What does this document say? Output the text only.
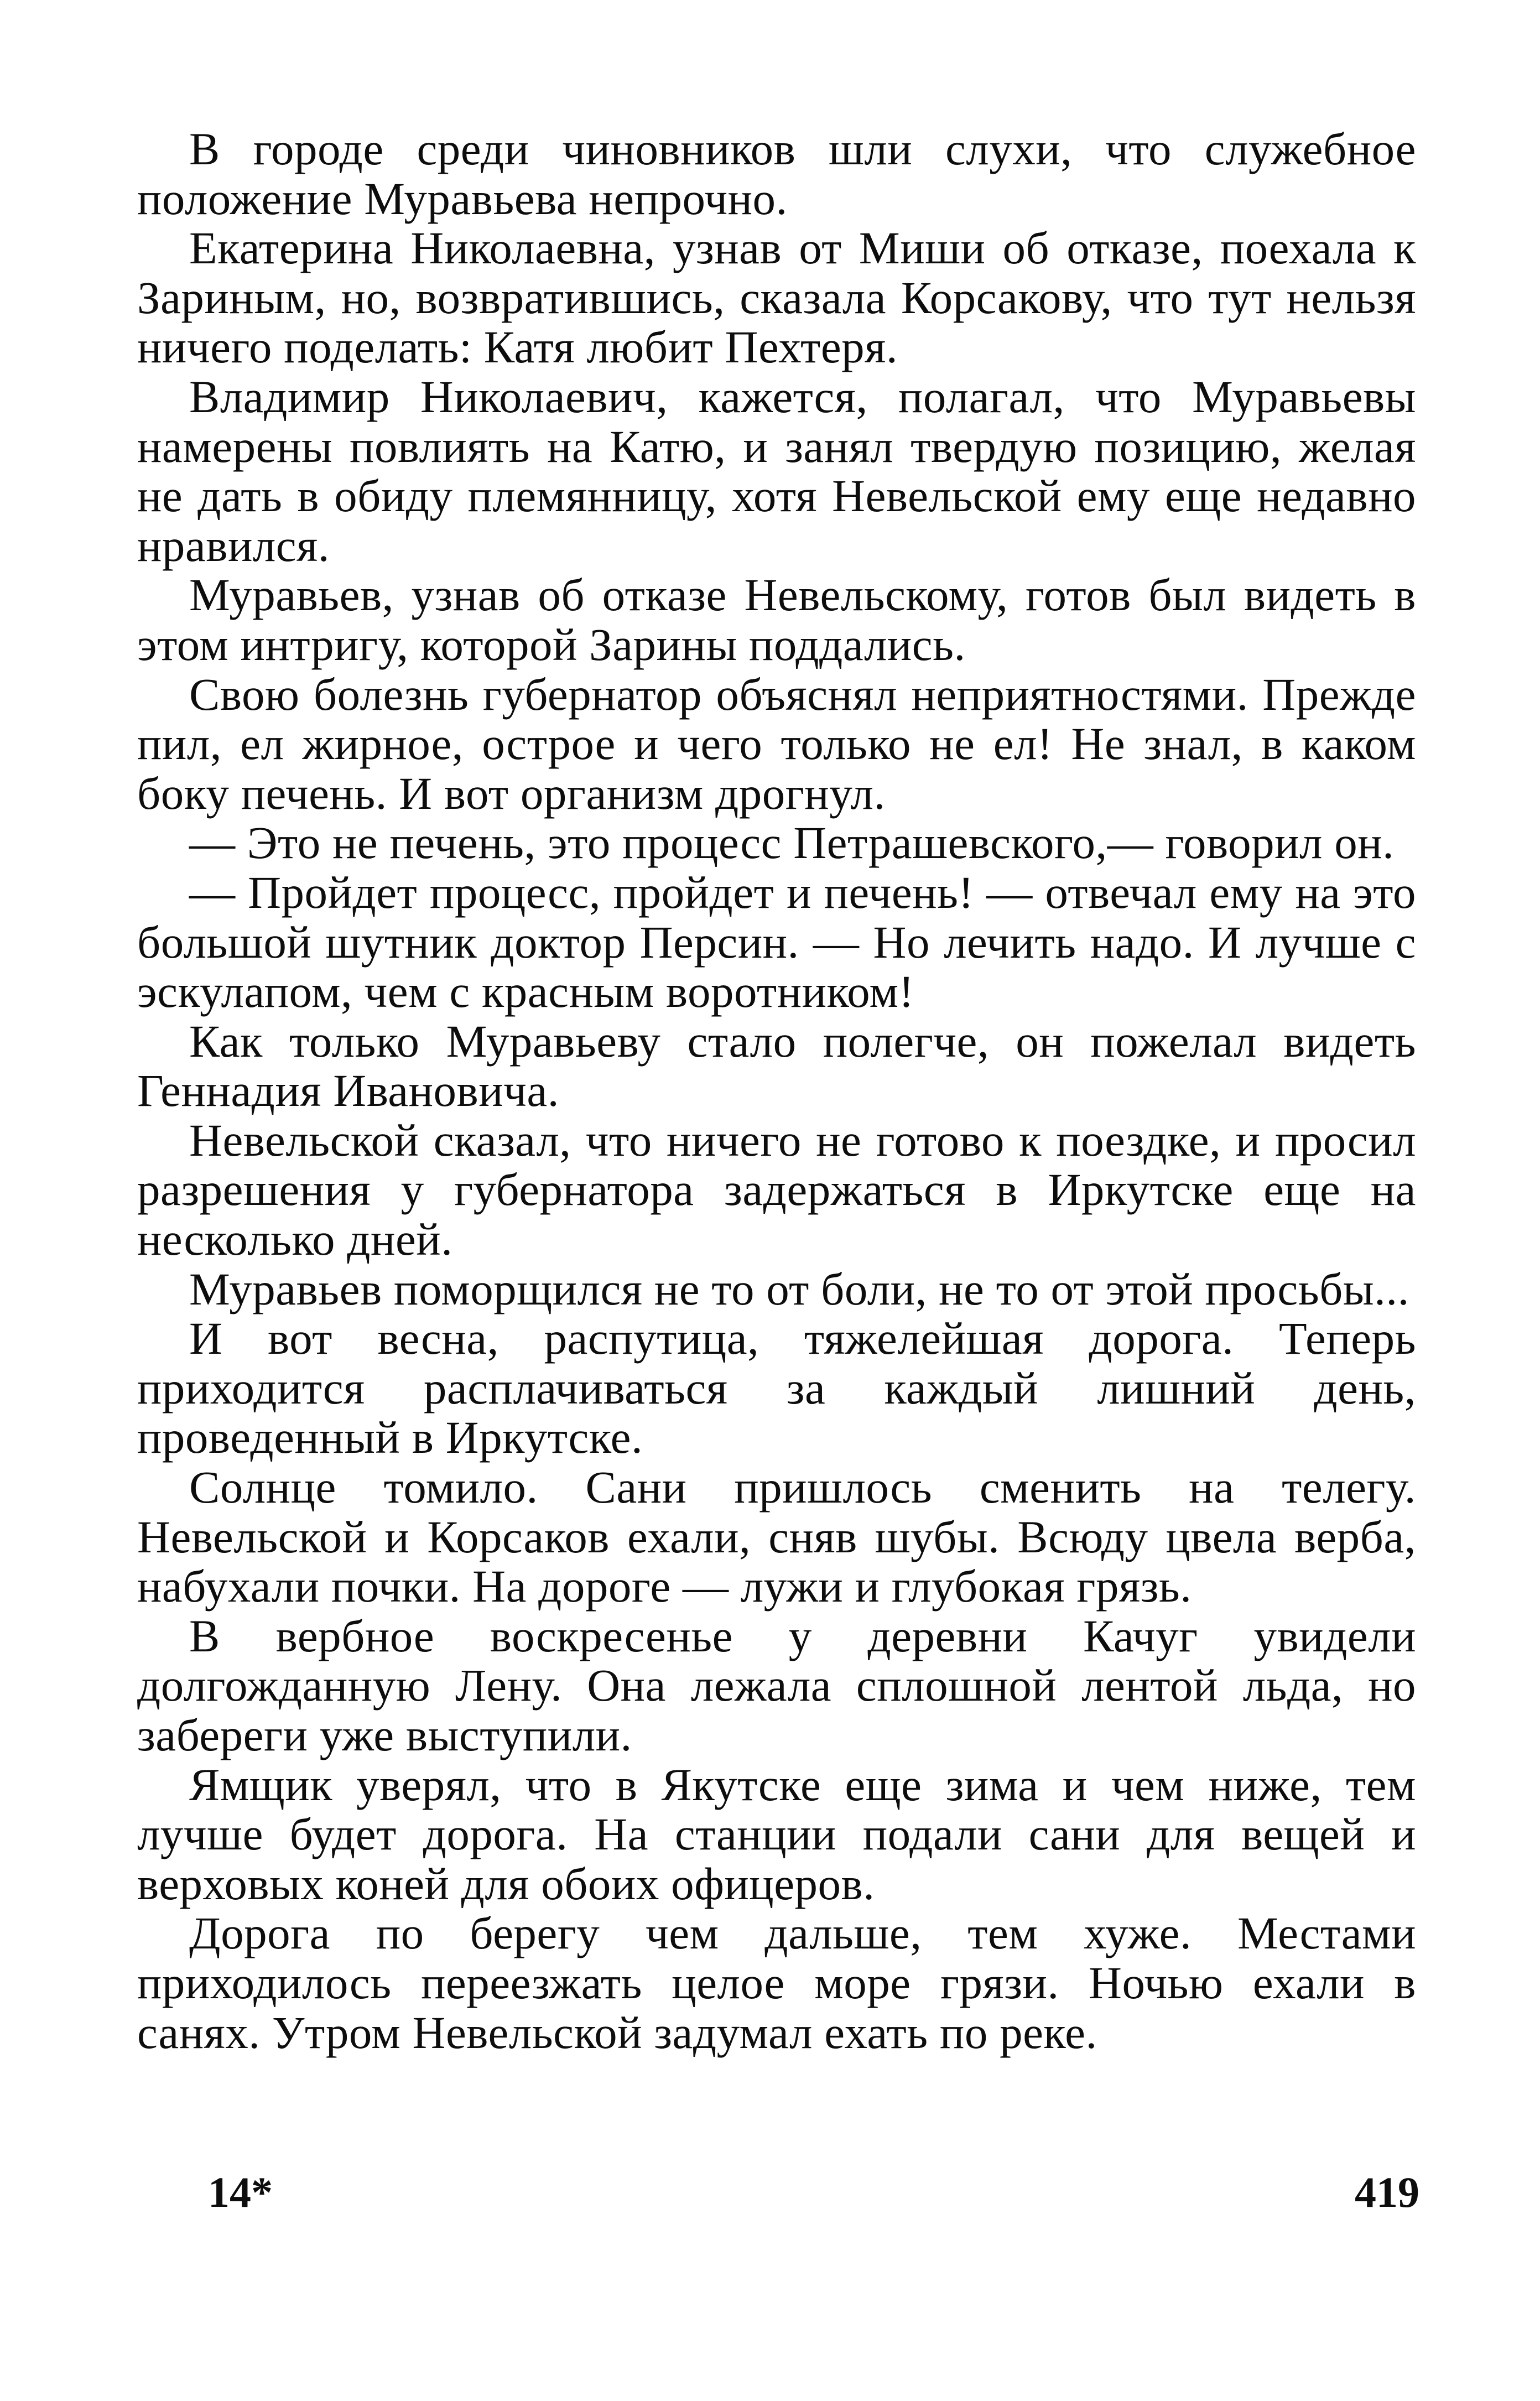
В городе среди чиновников шли слухи, что служебное положение Муравьева непрочно.

Екатерина Николаевна, узнав от Миши об отказе, поехала к Зариным, но, возвратившись, сказала Корсакову, что тут нельзя ничего поделать: Катя любит Пехтеря.

Владимир Николаевич, кажется, полагал, что Муравьевы намерены повлиять на Катю, и занял твердую позицию, желая не дать в обиду племянницу, хотя Невельской ему еще недавно нравился.

Муравьев, узнав об отказе Невельскому, готов был видеть в этом интригу, которой Зарины поддались.

Свою болезнь губернатор объяснял неприятностями. Прежде пил, ел жирное, острое и чего только не ел! Не знал, в каком боку печень. И вот организм дрогнул.

— Это не печень, это процесс Петрашевского,— говорил он.

— Пройдет процесс, пройдет и печень! — отвечал ему на это большой шутник доктор Персин. — Но лечить надо. И лучше с эскулапом, чем с красным воротником!

Как только Муравьеву стало полегче, он пожелал видеть Геннадия Ивановича.

Невельской сказал, что ничего не готово к поездке, и просил разрешения у губернатора задержаться в Иркутске еще на несколько дней.

Муравьев поморщился не то от боли, не то от этой просьбы...

И вот весна, распутица, тяжелейшая дорога. Теперь приходится расплачиваться за каждый лишний день, проведенный в Иркутске.

Солнце томило. Сани пришлось сменить на телегу. Невельской и Корсаков ехали, сняв шубы. Всюду цвела верба, набухали почки. На дороге — лужи и глубокая грязь.

В вербное воскресенье у деревни Качуг увидели долгожданную Лену. Она лежала сплошной лентой льда, но забереги уже выступили.

Ямщик уверял, что в Якутске еще зима и чем ниже, тем лучше будет дорога. На станции подали сани для вещей и верховых коней для обоих офицеров.

Дорога по берегу чем дальше, тем хуже. Местами приходилось переезжать целое море грязи. Ночью ехали в санях. Утром Невельской задумал ехать по реке.

14*	419
